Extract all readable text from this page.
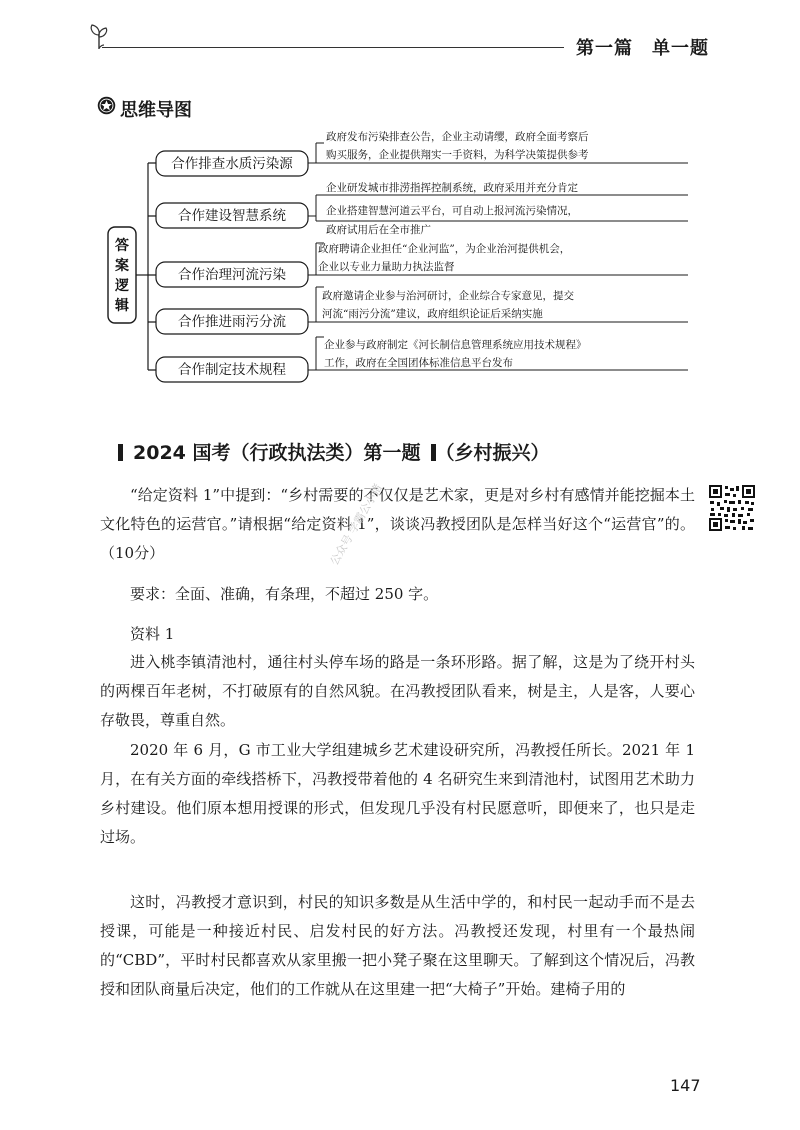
第一篇　单一题
思维导图
答
案
逻
辑
合作排查水质污染源
合作建设智慧系统
合作治理河流污染
合作推进雨污分流
合作制定技术规程
政府发布污染排查公告，企业主动请缨，政府全面考察后
购买服务，企业提供翔实一手资料，为科学决策提供参考
企业研发城市排涝指挥控制系统，政府采用并充分肯定
企业搭建智慧河道云平台，可自动上报河流污染情况，
政府试用后在全市推广
政府聘请企业担任“企业河监”，为企业治河提供机会，
企业以专业力量助力执法监督
政府邀请企业参与治河研讨，企业综合专家意见，提交
河流“雨污分流”建议，政府组织论证后采纳实施
企业参与政府制定《河长制信息管理系统应用技术规程》
工作，政府在全国团体标准信息平台发布
2024 国考（行政执法类）第一题 （乡村振兴）
“给定资料 1”中提到：“乡村需要的不仅仅是艺术家，更是对乡村有感情并能挖掘本土文化特色的运营官。”请根据“给定资料 1”，谈谈冯教授团队是怎样当好这个“运营官”的。（10分）
要求：全面、准确，有条理，不超过 250 字。
资料 1
进入桃李镇清池村，通往村头停车场的路是一条环形路。据了解，这是为了绕开村头的两棵百年老树，不打破原有的自然风貌。在冯教授团队看来，树是主，人是客，人要心存敬畏，尊重自然。
2020 年 6 月，G 市工业大学组建城乡艺术建设研究所，冯教授任所长。2021 年 1 月，在有关方面的牵线搭桥下，冯教授带着他的 4 名研究生来到清池村，试图用艺术助力乡村建设。他们原本想用授课的形式，但发现几乎没有村民愿意听，即便来了，也只是走过场。
这时，冯教授才意识到，村民的知识多数是从生活中学的，和村民一起动手而不是去授课，可能是一种接近村民、启发村民的好方法。冯教授还发现，村里有一个最热闹的“CBD”，平时村民都喜欢从家里搬一把小凳子聚在这里聊天。了解到这个情况后，冯教授和团队商量后决定，他们的工作就从在这里建一把“大椅子”开始。建椅子用的
公众号 学霸公小猪
147
